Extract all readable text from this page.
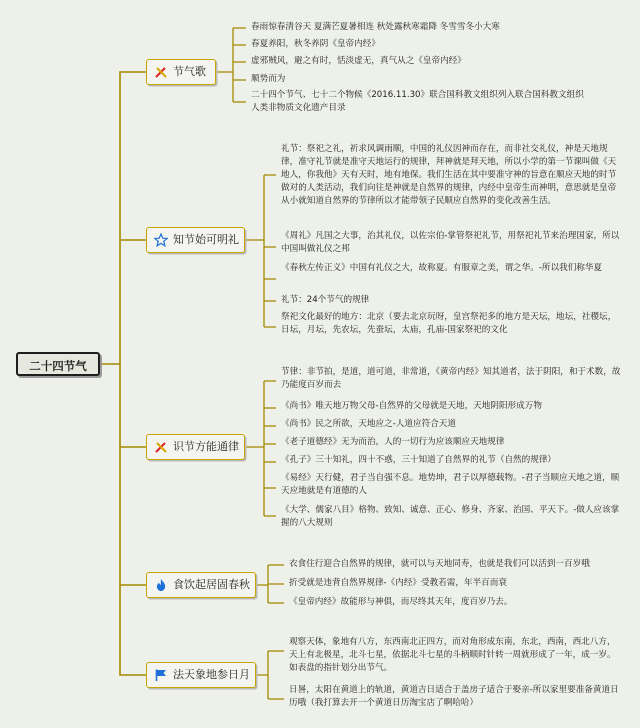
二十四节气
节气歌
知节始可明礼
识节方能通律
食饮起居固春秋
法天象地参日月
春雨惊春清谷天 夏满芒夏暑相连 秋处露秋寒霜降 冬雪雪冬小大寒
春夏养阳，秋冬养阴《皇帝内经》
虚邪贼风，避之有时，恬淡虚无，真气从之《皇帝内经》
顺势而为
二十四个节气、七十二个物候《2016.11.30》联合国科教文组织列入联合国科教文组织人类非物质文化遗产目录
礼节：祭祀之礼，祈求风调雨顺，中国的礼仪因神而存在，而非社交礼仪，神是天地规律，准守礼节就是准守天地运行的规律，拜神就是拜天地，所以小学的第一节课叫做《天地人，你我他》天有天时，地有地保。我们生活在其中要准守神的旨意在顺应天地的时节做对的人类活动，我们向往是神就是自然界的规律，内经中皇帝生而神明，意思就是皇帝从小就知道自然界的节律所以才能带领子民顺应自然界的变化改善生活。
《周礼》凡国之大事，治其礼仪，以佐宗伯-掌管祭祀礼节，用祭祀礼节来治理国家，所以中国叫做礼仪之邦
《春秋左传正义》中国有礼仪之大，故称夏。有服章之美，谓之华。-所以我们称华夏
礼节：24个节气的规律
祭祀文化最好的地方：北京（要去北京玩呀，皇宫祭祀多的地方是天坛，地坛，社稷坛，日坛，月坛，先农坛，先蚕坛，太庙，孔庙-国家祭祀的文化
节律：非节拍，是道，道可道，非常道，《黄帝内经》知其道者，法于阴阳，和于术数，故乃能度百岁而去
《尚书》唯天地万物父母-自然界的父母就是天地，天地阴阳形成万物
《尚书》民之所欲，天地应之-人道应符合天道
《老子道德经》无为而治，人的一切行为应该顺应天地规律
《孔子》三十知礼，四十不惑，三十知道了自然界的礼节（自然的规律）
《易经》天行健，君子当自强不息。地势坤，君子以厚德载物。-君子当顺应天地之道，顺天应地就是有道德的人
《大学、儒家八目》格物、致知、诚意、正心、修身、齐家、治国、平天下。-做人应该掌握的八大规则
衣食住行迎合自然界的规律，就可以与天地同寿，也就是我们可以活到一百岁哦
折受就是违背自然界规律-《内经》受教若需，年半百而衰
《皇帝内经》故能形与神俱，而尽终其天年，度百岁乃去。
观察天体，象地有八方，东西南北正四方，而对角形成东南，东北，西南，西北八方，天上有北极星，北斗七星，依据北斗七星的斗柄顺时针转一周就形成了一年，成一岁。如表盘的指针划分出节气。
日晷，太阳在黄道上的轨道，黄道吉日适合于盖房子适合于娶亲-所以家里要准备黄道日历哦（我打算去开一个黄道日历淘宝店了啊哈哈）
